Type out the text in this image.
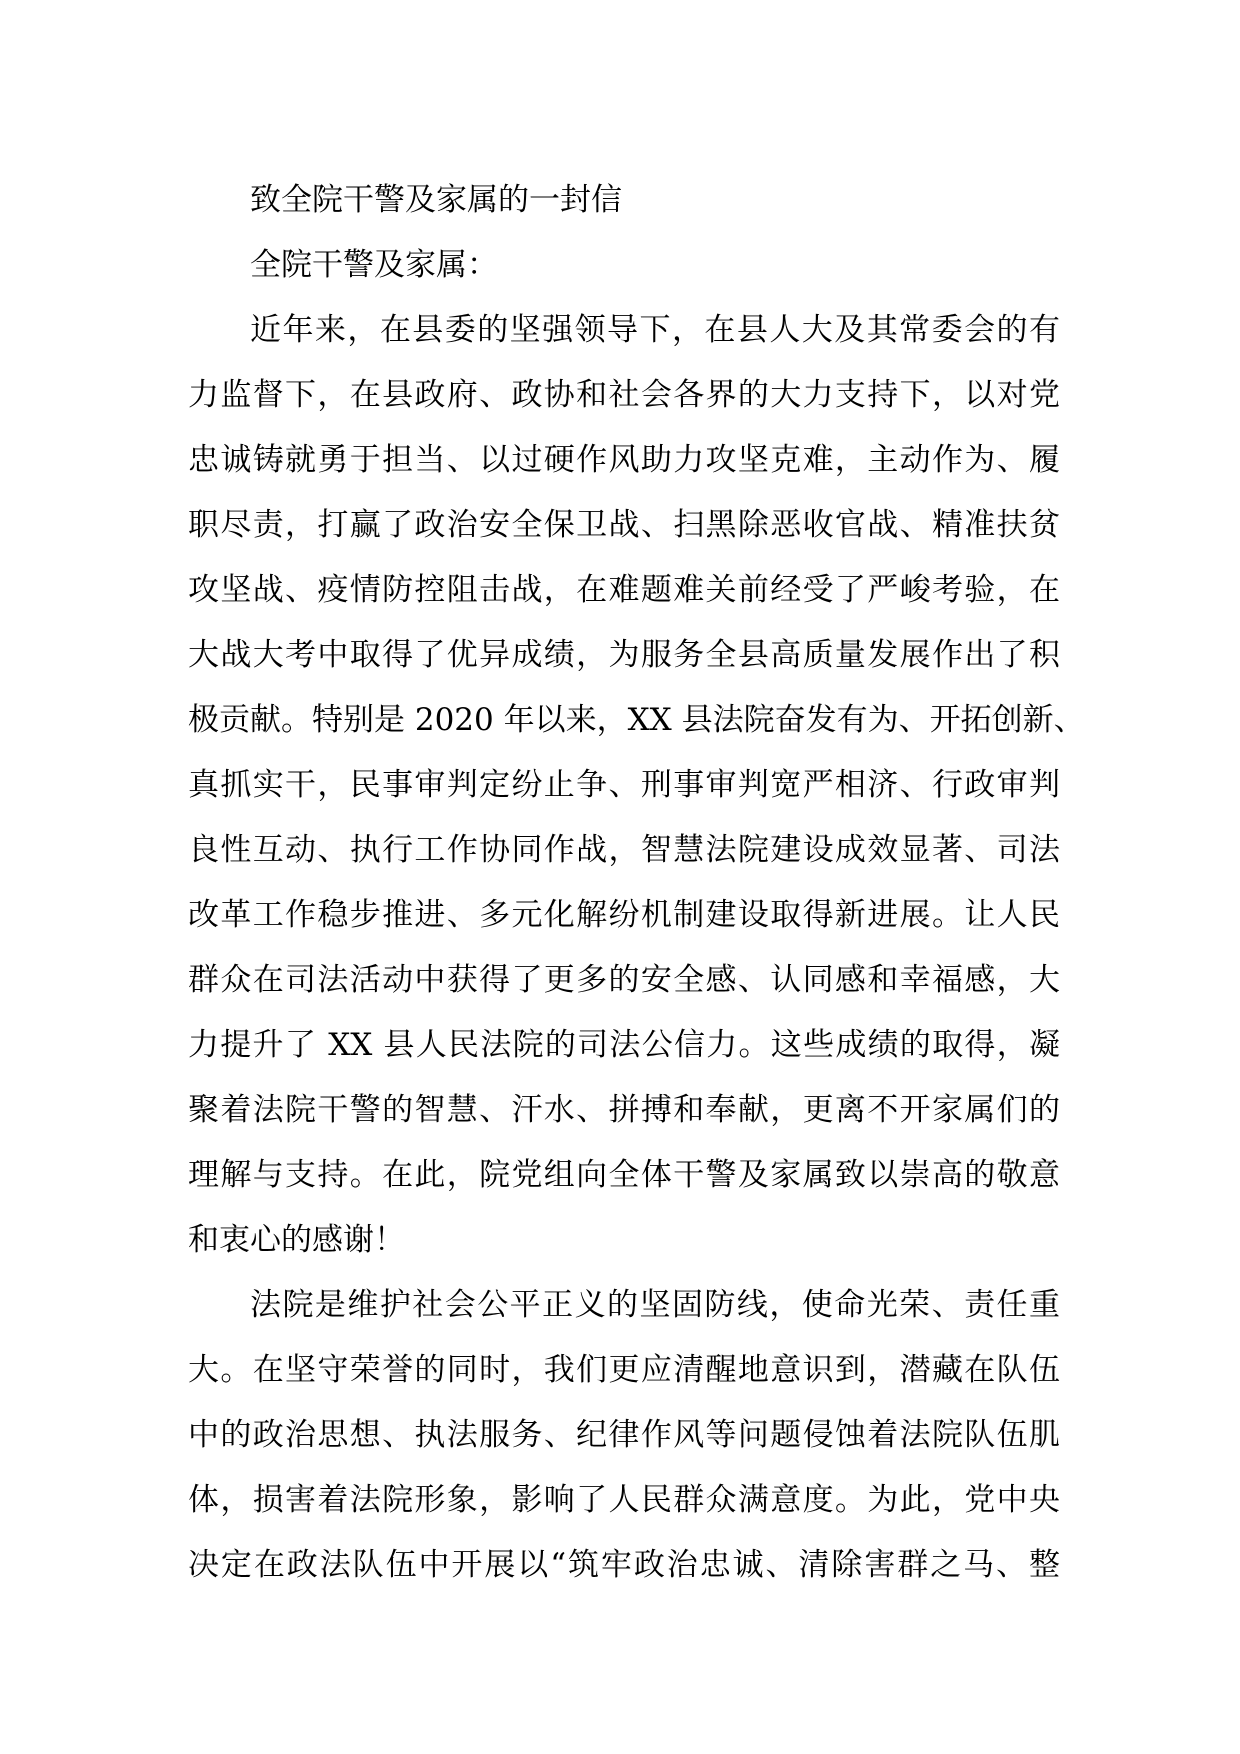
致全院干警及家属的一封信
全院干警及家属：
近年来，在县委的坚强领导下，在县人大及其常委会的有
力监督下，在县政府、政协和社会各界的大力支持下，以对党
忠诚铸就勇于担当、以过硬作风助力攻坚克难，主动作为、履
职尽责，打赢了政治安全保卫战、扫黑除恶收官战、精准扶贫
攻坚战、疫情防控阻击战，在难题难关前经受了严峻考验，在
大战大考中取得了优异成绩，为服务全县高质量发展作出了积
极贡献。特别是 2020 年以来，XX 县法院奋发有为、开拓创新、
真抓实干，民事审判定纷止争、刑事审判宽严相济、行政审判
良性互动、执行工作协同作战，智慧法院建设成效显著、司法
改革工作稳步推进、多元化解纷机制建设取得新进展。让人民
群众在司法活动中获得了更多的安全感、认同感和幸福感，大
力提升了 XX 县人民法院的司法公信力。这些成绩的取得，凝
聚着法院干警的智慧、汗水、拼搏和奉献，更离不开家属们的
理解与支持。在此，院党组向全体干警及家属致以崇高的敬意
和衷心的感谢！
法院是维护社会公平正义的坚固防线，使命光荣、责任重
大。在坚守荣誉的同时，我们更应清醒地意识到，潜藏在队伍
中的政治思想、执法服务、纪律作风等问题侵蚀着法院队伍肌
体，损害着法院形象，影响了人民群众满意度。为此，党中央
决定在政法队伍中开展以“筑牢政治忠诚、清除害群之马、整
